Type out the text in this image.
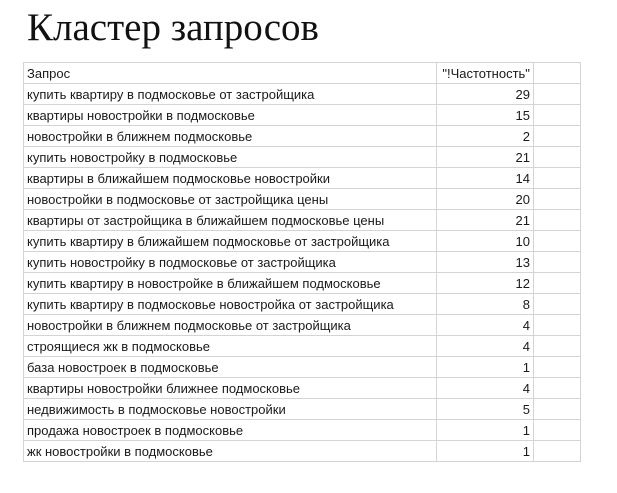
Кластер запросов
Запрос	"!Частотность"	
купить квартиру в подмосковье от застройщика	29	
квартиры новостройки в подмосковье	15	
новостройки в ближнем подмосковье	2	
купить новостройку в подмосковье	21	
квартиры в ближайшем подмосковье новостройки	14	
новостройки в подмосковье от застройщика цены	20	
квартиры от застройщика в ближайшем подмосковье цены	21	
купить квартиру в ближайшем подмосковье от застройщика	10	
купить новостройку в подмосковье от застройщика	13	
купить квартиру в новостройке в ближайшем подмосковье	12	
купить квартиру в подмосковье новостройка от застройщика	8	
новостройки в ближнем подмосковье от застройщика	4	
строящиеся жк в подмосковье	4	
база новостроек в подмосковье	1	
квартиры новостройки ближнее подмосковье	4	
недвижимость в подмосковье новостройки	5	
продажа новостроек в подмосковье	1	
жк новостройки в подмосковье	1	
